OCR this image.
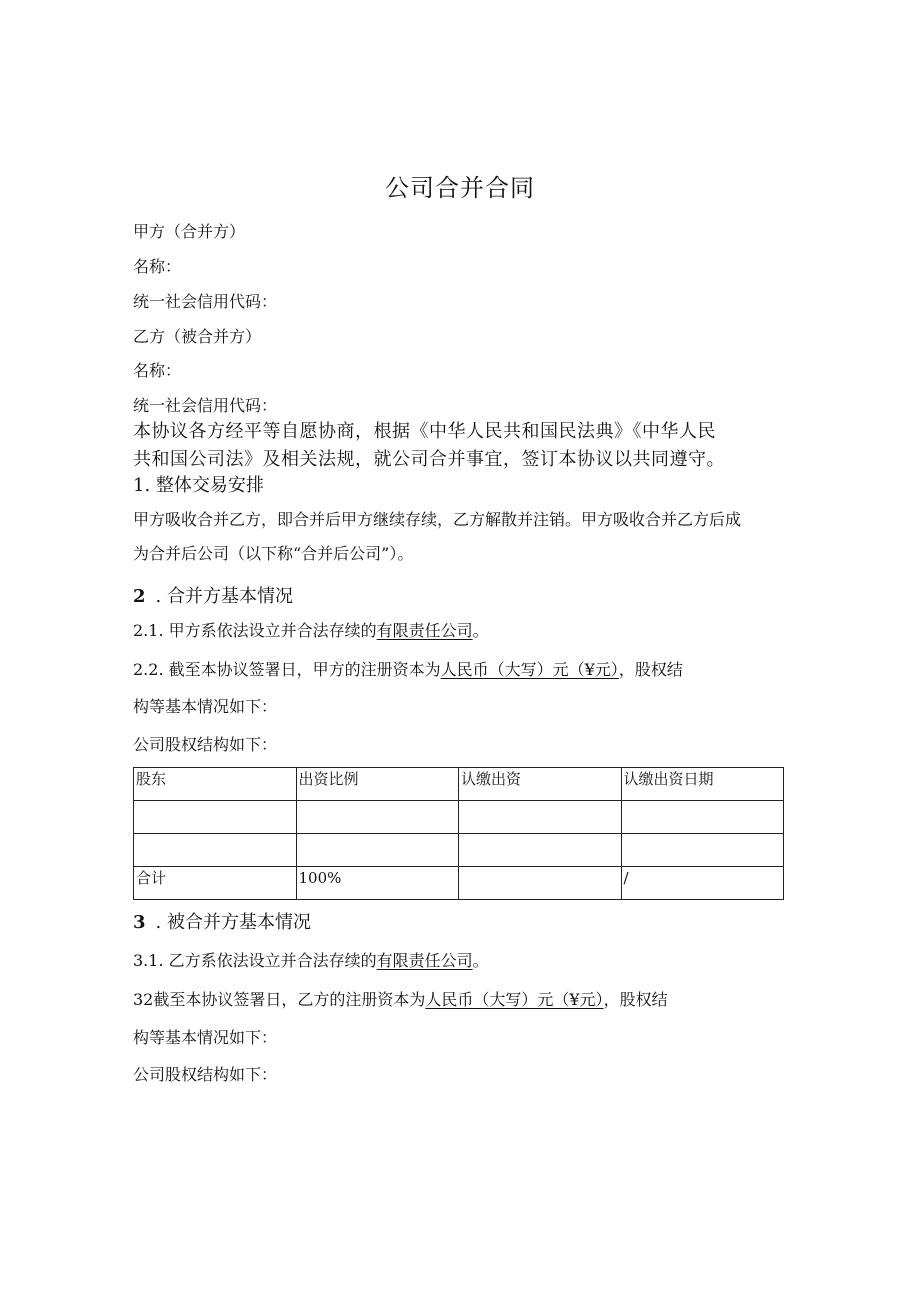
公司合并合同
甲方（合并方）
名称：
统一社会信用代码：
乙方（被合并方）
名称：
统一社会信用代码：
本协议各方经平等自愿协商，根据《中华人民共和国民法典》《中华人民
共和国公司法》及相关法规，就公司合并事宜，签订本协议以共同遵守。
1. 整体交易安排
甲方吸收合并乙方，即合并后甲方继续存续，乙方解散并注销。甲方吸收合并乙方后成
为合并后公司（以下称“合并后公司”）。
2 . 合并方基本情况
2.1. 甲方系依法设立并合法存续的有限责任公司。
2.2. 截至本协议签署日，甲方的注册资本为人民币（大写）元（¥元），股权结
构等基本情况如下：
公司股权结构如下：
股东	出资比例	认缴出资	认缴出资日期

合计	100%		/
3 . 被合并方基本情况
3.1. 乙方系依法设立并合法存续的有限责任公司。
32截至本协议签署日，乙方的注册资本为人民币（大写）元（¥元），股权结
构等基本情况如下：
公司股权结构如下：
